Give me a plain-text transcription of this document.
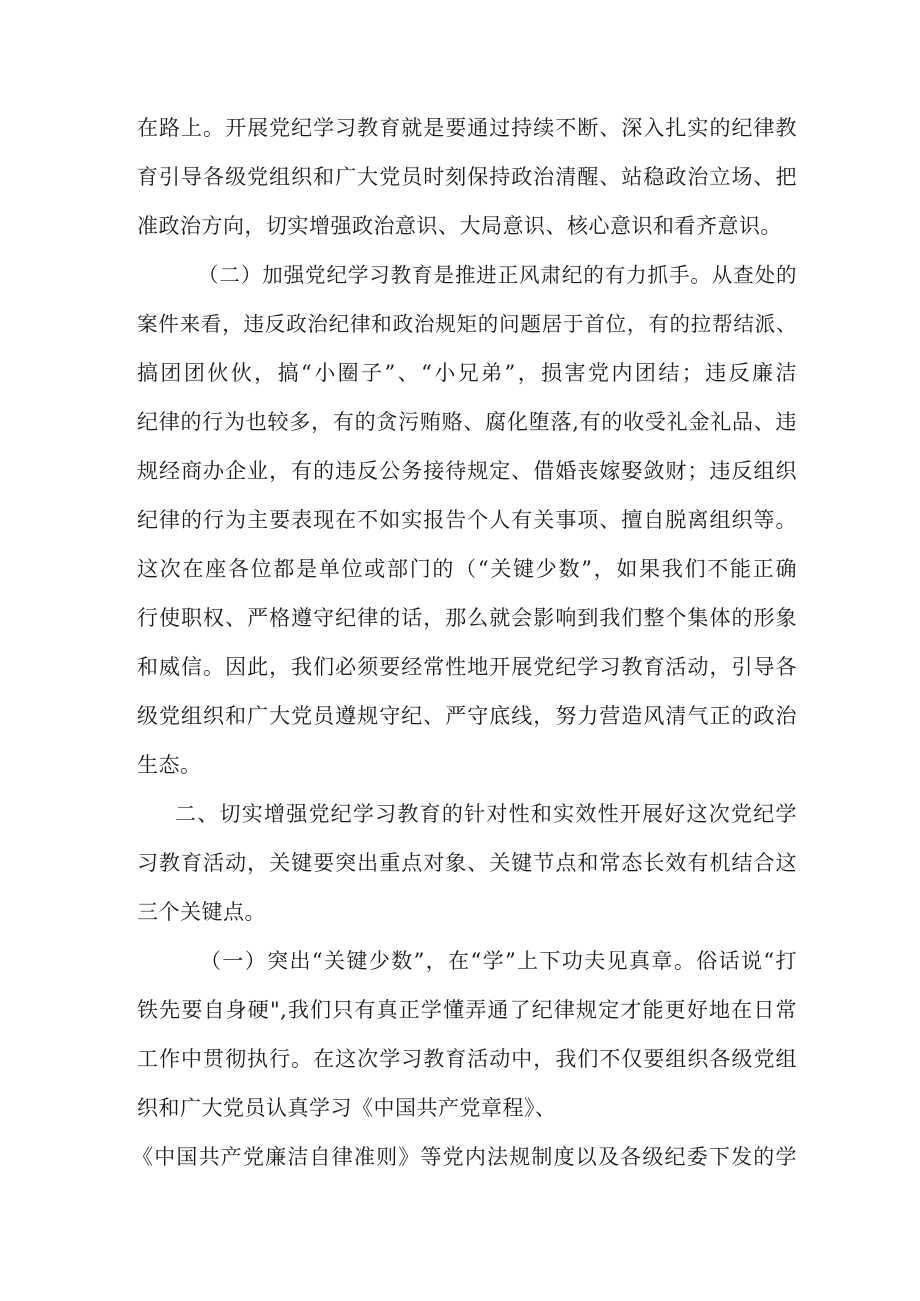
在路上。开展党纪学习教育就是要通过持续不断、深入扎实的纪律教
育引导各级党组织和广大党员时刻保持政治清醒、站稳政治立场、把
准政治方向，切实增强政治意识、大局意识、核心意识和看齐意识。
（二）加强党纪学习教育是推进正风肃纪的有力抓手。从查处的
案件来看，违反政治纪律和政治规矩的问题居于首位，有的拉帮结派、
搞团团伙伙，搞“小圈子”、“小兄弟”，损害党内团结；违反廉洁
纪律的行为也较多，有的贪污贿赂、腐化堕落,有的收受礼金礼品、违
规经商办企业，有的违反公务接待规定、借婚丧嫁娶敛财；违反组织
纪律的行为主要表现在不如实报告个人有关事项、擅自脱离组织等。
这次在座各位都是单位或部门的（“关键少数”，如果我们不能正确
行使职权、严格遵守纪律的话，那么就会影响到我们整个集体的形象
和威信。因此，我们必须要经常性地开展党纪学习教育活动，引导各
级党组织和广大党员遵规守纪、严守底线，努力营造风清气正的政治
生态。
二、切实增强党纪学习教育的针对性和实效性开展好这次党纪学
习教育活动，关键要突出重点对象、关键节点和常态长效有机结合这
三个关键点。
（一）突出“关键少数”，在“学”上下功夫见真章。俗话说“打
铁先要自身硬",我们只有真正学懂弄通了纪律规定才能更好地在日常
工作中贯彻执行。在这次学习教育活动中，我们不仅要组织各级党组
织和广大党员认真学习《中国共产党章程》、
《中国共产党廉洁自律准则》等党内法规制度以及各级纪委下发的学
